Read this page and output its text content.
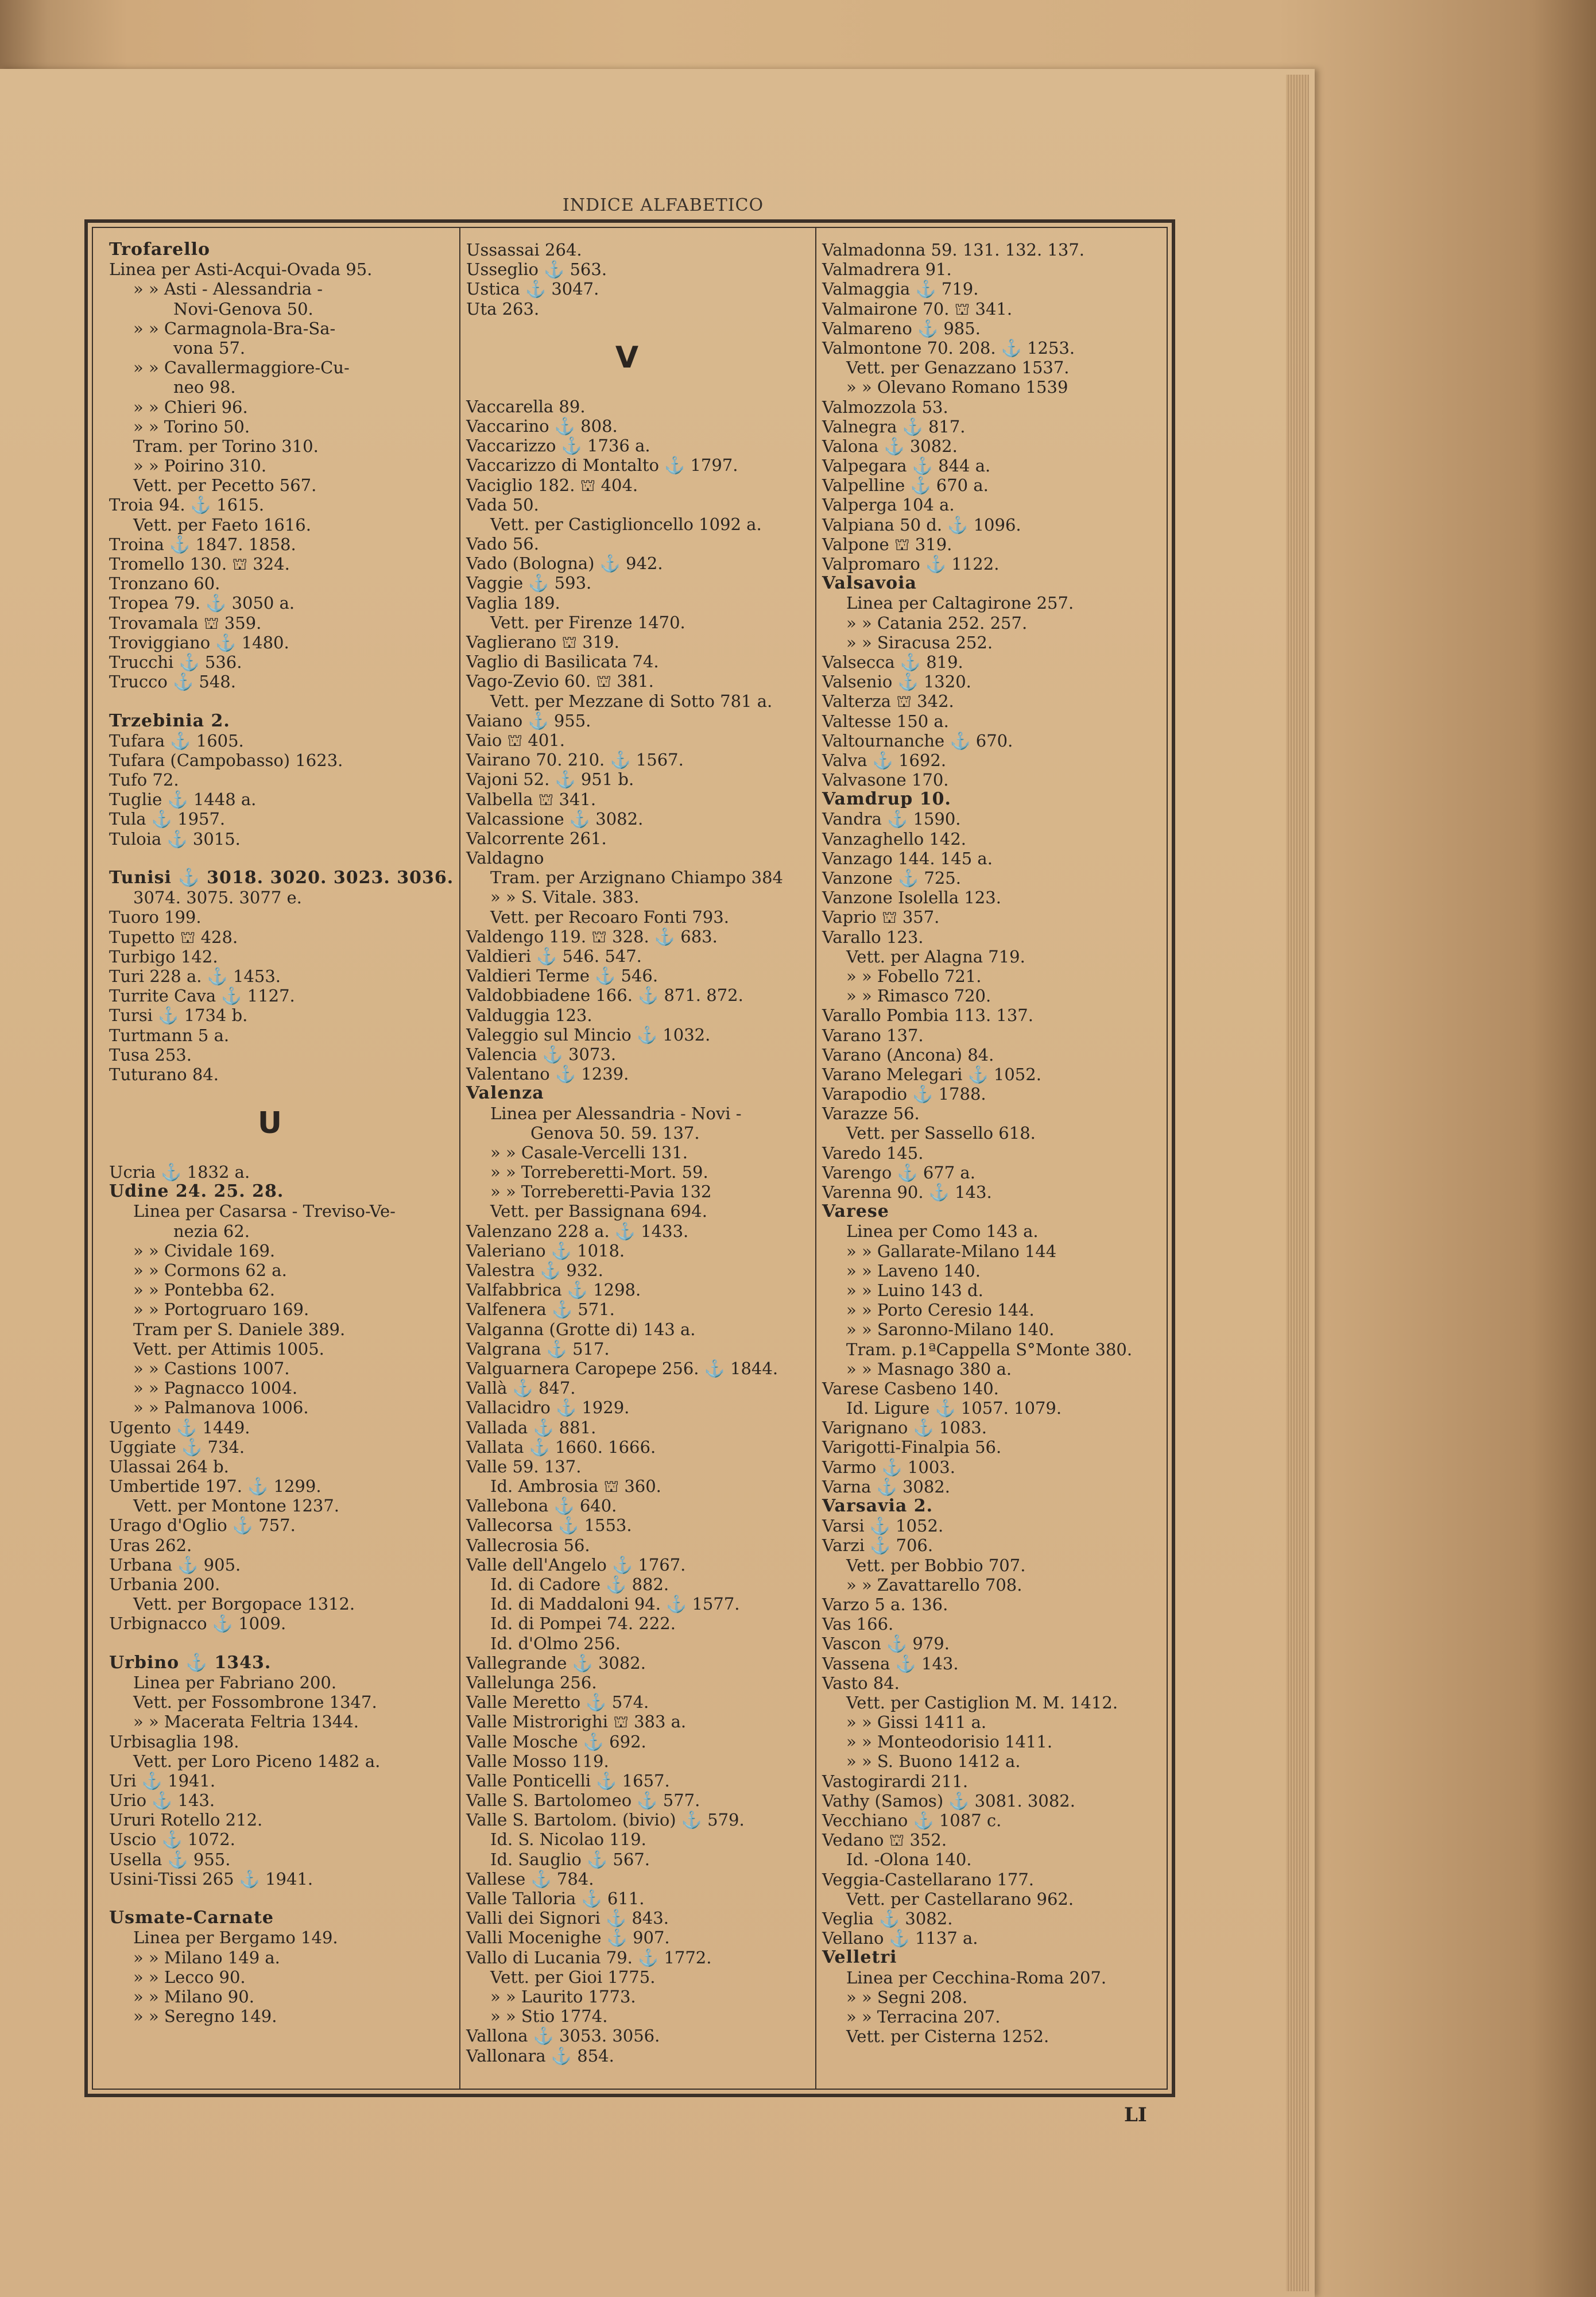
INDICE ALFABETICO
Trofarello
Linea per Asti-Acqui-Ovada 95.
» » Asti - Alessandria -
Novi-Genova 50.
» » Carmagnola-Bra-Sa-
vona 57.
» » Cavallermaggiore-Cu-
neo 98.
» » Chieri 96.
» » Torino 50.
Tram. per Torino 310.
» » Poirino 310.
Vett. per Pecetto 567.
Troia 94. ⚓ 1615.
Vett. per Faeto 1616.
Troina ⚓ 1847. 1858.
Tromello 130. ⛫ 324.
Tronzano 60.
Tropea 79. ⚓ 3050 a.
Trovamala ⛫ 359.
Troviggiano ⚓ 1480.
Trucchi ⚓ 536.
Trucco ⚓ 548.
Trzebinia 2.
Tufara ⚓ 1605.
Tufara (Campobasso) 1623.
Tufo 72.
Tuglie ⚓ 1448 a.
Tula ⚓ 1957.
Tuloia ⚓ 3015.
Tunisi ⚓ 3018. 3020. 3023. 3036.
3074. 3075. 3077 e.
Tuoro 199.
Tupetto ⛫ 428.
Turbigo 142.
Turi 228 a. ⚓ 1453.
Turrite Cava ⚓ 1127.
Tursi ⚓ 1734 b.
Turtmann 5 a.
Tusa 253.
Tuturano 84.
U
Ucria ⚓ 1832 a.
Udine 24. 25. 28.
Linea per Casarsa - Treviso-Ve-
nezia 62.
» » Cividale 169.
» » Cormons 62 a.
» » Pontebba 62.
» » Portogruaro 169.
Tram per S. Daniele 389.
Vett. per Attimis 1005.
» » Castions 1007.
» » Pagnacco 1004.
» » Palmanova 1006.
Ugento ⚓ 1449.
Uggiate ⚓ 734.
Ulassai 264 b.
Umbertide 197. ⚓ 1299.
Vett. per Montone 1237.
Urago d'Oglio ⚓ 757.
Uras 262.
Urbana ⚓ 905.
Urbania 200.
Vett. per Borgopace 1312.
Urbignacco ⚓ 1009.
Urbino ⚓ 1343.
Linea per Fabriano 200.
Vett. per Fossombrone 1347.
» » Macerata Feltria 1344.
Urbisaglia 198.
Vett. per Loro Piceno 1482 a.
Uri ⚓ 1941.
Urio ⚓ 143.
Ururi Rotello 212.
Uscio ⚓ 1072.
Usella ⚓ 955.
Usini-Tissi 265 ⚓ 1941.
Usmate-Carnate
Linea per Bergamo 149.
» » Milano 149 a.
» » Lecco 90.
» » Milano 90.
» » Seregno 149.
Ussassai 264.
Usseglio ⚓ 563.
Ustica ⚓ 3047.
Uta 263.
V
Vaccarella 89.
Vaccarino ⚓ 808.
Vaccarizzo ⚓ 1736 a.
Vaccarizzo di Montalto ⚓ 1797.
Vaciglio 182. ⛫ 404.
Vada 50.
Vett. per Castiglioncello 1092 a.
Vado 56.
Vado (Bologna) ⚓ 942.
Vaggie ⚓ 593.
Vaglia 189.
Vett. per Firenze 1470.
Vaglierano ⛫ 319.
Vaglio di Basilicata 74.
Vago-Zevio 60. ⛫ 381.
Vett. per Mezzane di Sotto 781 a.
Vaiano ⚓ 955.
Vaio ⛫ 401.
Vairano 70. 210. ⚓ 1567.
Vajoni 52. ⚓ 951 b.
Valbella ⛫ 341.
Valcassione ⚓ 3082.
Valcorrente 261.
Valdagno
Tram. per Arzignano Chiampo 384
» » S. Vitale. 383.
Vett. per Recoaro Fonti 793.
Valdengo 119. ⛫ 328. ⚓ 683.
Valdieri ⚓ 546. 547.
Valdieri Terme ⚓ 546.
Valdobbiadene 166. ⚓ 871. 872.
Valduggia 123.
Valeggio sul Mincio ⚓ 1032.
Valencia ⚓ 3073.
Valentano ⚓ 1239.
Valenza
Linea per Alessandria - Novi -
Genova 50. 59. 137.
» » Casale-Vercelli 131.
» » Torreberetti-Mort. 59.
» » Torreberetti-Pavia 132
Vett. per Bassignana 694.
Valenzano 228 a. ⚓ 1433.
Valeriano ⚓ 1018.
Valestra ⚓ 932.
Valfabbrica ⚓ 1298.
Valfenera ⚓ 571.
Valganna (Grotte di) 143 a.
Valgrana ⚓ 517.
Valguarnera Caropepe 256. ⚓ 1844.
Vallà ⚓ 847.
Vallacidro ⚓ 1929.
Vallada ⚓ 881.
Vallata ⚓ 1660. 1666.
Valle 59. 137.
Id. Ambrosia ⛫ 360.
Vallebona ⚓ 640.
Vallecorsa ⚓ 1553.
Vallecrosia 56.
Valle dell'Angelo ⚓ 1767.
Id. di Cadore ⚓ 882.
Id. di Maddaloni 94. ⚓ 1577.
Id. di Pompei 74. 222.
Id. d'Olmo 256.
Vallegrande ⚓ 3082.
Vallelunga 256.
Valle Meretto ⚓ 574.
Valle Mistrorighi ⛫ 383 a.
Valle Mosche ⚓ 692.
Valle Mosso 119.
Valle Ponticelli ⚓ 1657.
Valle S. Bartolomeo ⚓ 577.
Valle S. Bartolom. (bivio) ⚓ 579.
Id. S. Nicolao 119.
Id. Sauglio ⚓ 567.
Vallese ⚓ 784.
Valle Talloria ⚓ 611.
Valli dei Signori ⚓ 843.
Valli Mocenighe ⚓ 907.
Vallo di Lucania 79. ⚓ 1772.
Vett. per Gioi 1775.
» » Laurito 1773.
» » Stio 1774.
Vallona ⚓ 3053. 3056.
Vallonara ⚓ 854.
Valmadonna 59. 131. 132. 137.
Valmadrera 91.
Valmaggia ⚓ 719.
Valmairone 70. ⛫ 341.
Valmareno ⚓ 985.
Valmontone 70. 208. ⚓ 1253.
Vett. per Genazzano 1537.
» » Olevano Romano 1539
Valmozzola 53.
Valnegra ⚓ 817.
Valona ⚓ 3082.
Valpegara ⚓ 844 a.
Valpelline ⚓ 670 a.
Valperga 104 a.
Valpiana 50 d. ⚓ 1096.
Valpone ⛫ 319.
Valpromaro ⚓ 1122.
Valsavoia
Linea per Caltagirone 257.
» » Catania 252. 257.
» » Siracusa 252.
Valsecca ⚓ 819.
Valsenio ⚓ 1320.
Valterza ⛫ 342.
Valtesse 150 a.
Valtournanche ⚓ 670.
Valva ⚓ 1692.
Valvasone 170.
Vamdrup 10.
Vandra ⚓ 1590.
Vanzaghello 142.
Vanzago 144. 145 a.
Vanzone ⚓ 725.
Vanzone Isolella 123.
Vaprio ⛫ 357.
Varallo 123.
Vett. per Alagna 719.
» » Fobello 721.
» » Rimasco 720.
Varallo Pombia 113. 137.
Varano 137.
Varano (Ancona) 84.
Varano Melegari ⚓ 1052.
Varapodio ⚓ 1788.
Varazze 56.
Vett. per Sassello 618.
Varedo 145.
Varengo ⚓ 677 a.
Varenna 90. ⚓ 143.
Varese
Linea per Como 143 a.
» » Gallarate-Milano 144
» » Laveno 140.
» » Luino 143 d.
» » Porto Ceresio 144.
» » Saronno-Milano 140.
Tram. p.1ªCappella S°Monte 380.
» » Masnago 380 a.
Varese Casbeno 140.
Id. Ligure ⚓ 1057. 1079.
Varignano ⚓ 1083.
Varigotti-Finalpia 56.
Varmo ⚓ 1003.
Varna ⚓ 3082.
Varsavia 2.
Varsi ⚓ 1052.
Varzi ⚓ 706.
Vett. per Bobbio 707.
» » Zavattarello 708.
Varzo 5 a. 136.
Vas 166.
Vascon ⚓ 979.
Vassena ⚓ 143.
Vasto 84.
Vett. per Castiglion M. M. 1412.
» » Gissi 1411 a.
» » Monteodorisio 1411.
» » S. Buono 1412 a.
Vastogirardi 211.
Vathy (Samos) ⚓ 3081. 3082.
Vecchiano ⚓ 1087 c.
Vedano ⛫ 352.
Id. -Olona 140.
Veggia-Castellarano 177.
Vett. per Castellarano 962.
Veglia ⚓ 3082.
Vellano ⚓ 1137 a.
Velletri
Linea per Cecchina-Roma 207.
» » Segni 208.
» » Terracina 207.
Vett. per Cisterna 1252.
LI
